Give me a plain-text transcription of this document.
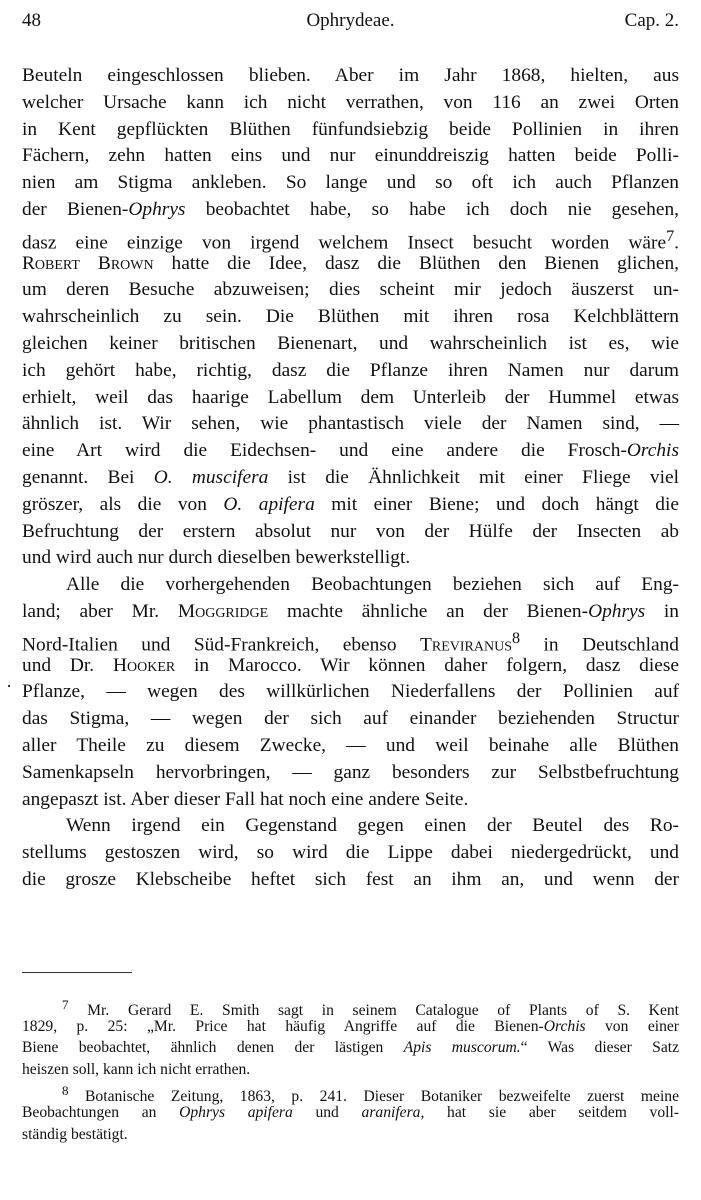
48	Ophrydeae.	Cap. 2.
·
Beuteln eingeschlossen blieben. Aber im Jahr 1868, hielten, aus
welcher Ursache kann ich nicht verrathen, von 116 an zwei Orten
in Kent gepflückten Blüthen fünfundsiebzig beide Pollinien in ihren
Fächern, zehn hatten eins und nur einunddreiszig hatten beide Polli-
nien am Stigma ankleben. So lange und so oft ich auch Pflanzen
der Bienen-Ophrys beobachtet habe, so habe ich doch nie gesehen,
dasz eine einzige von irgend welchem Insect besucht worden wäre$^7$.
Robert Brown hatte die Idee, dasz die Blüthen den Bienen glichen,
um deren Besuche abzuweisen; dies scheint mir jedoch äuszerst un-
wahrscheinlich zu sein. Die Blüthen mit ihren rosa Kelchblättern
gleichen keiner britischen Bienenart, und wahrscheinlich ist es, wie
ich gehört habe, richtig, dasz die Pflanze ihren Namen nur darum
erhielt, weil das haarige Labellum dem Unterleib der Hummel etwas
ähnlich ist. Wir sehen, wie phantastisch viele der Namen sind, —
eine Art wird die Eidechsen- und eine andere die Frosch-Orchis
genannt. Bei O. muscifera ist die Ähnlichkeit mit einer Fliege viel
gröszer, als die von O. apifera mit einer Biene; und doch hängt die
Befruchtung der erstern absolut nur von der Hülfe der Insecten ab
und wird auch nur durch dieselben bewerkstelligt.
Alle die vorhergehenden Beobachtungen beziehen sich auf Eng-
land; aber Mr. Moggridge machte ähnliche an der Bienen-Ophrys in
Nord-Italien und Süd-Frankreich, ebenso Treviranus$^8$ in Deutschland
und Dr. Hooker in Marocco. Wir können daher folgern, dasz diese
Pflanze, — wegen des willkürlichen Niederfallens der Pollinien auf
das Stigma, — wegen der sich auf einander beziehenden Structur
aller Theile zu diesem Zwecke, — und weil beinahe alle Blüthen
Samenkapseln hervorbringen, — ganz besonders zur Selbstbefruchtung
angepaszt ist. Aber dieser Fall hat noch eine andere Seite.
Wenn irgend ein Gegenstand gegen einen der Beutel des Ro-
stellums gestoszen wird, so wird die Lippe dabei niedergedrückt, und
die grosze Klebscheibe heftet sich fest an ihm an, und wenn der
$^7$ Mr. Gerard E. Smith sagt in seinem Catalogue of Plants of S. Kent
1829, p. 25: „Mr. Price hat häufig Angriffe auf die Bienen-Orchis von einer
Biene beobachtet, ähnlich denen der lästigen Apis muscorum.“ Was dieser Satz
heiszen soll, kann ich nicht errathen.
$^8$ Botanische Zeitung, 1863, p. 241. Dieser Botaniker bezweifelte zuerst meine
Beobachtungen an Ophrys apifera und aranifera, hat sie aber seitdem voll-
ständig bestätigt.
